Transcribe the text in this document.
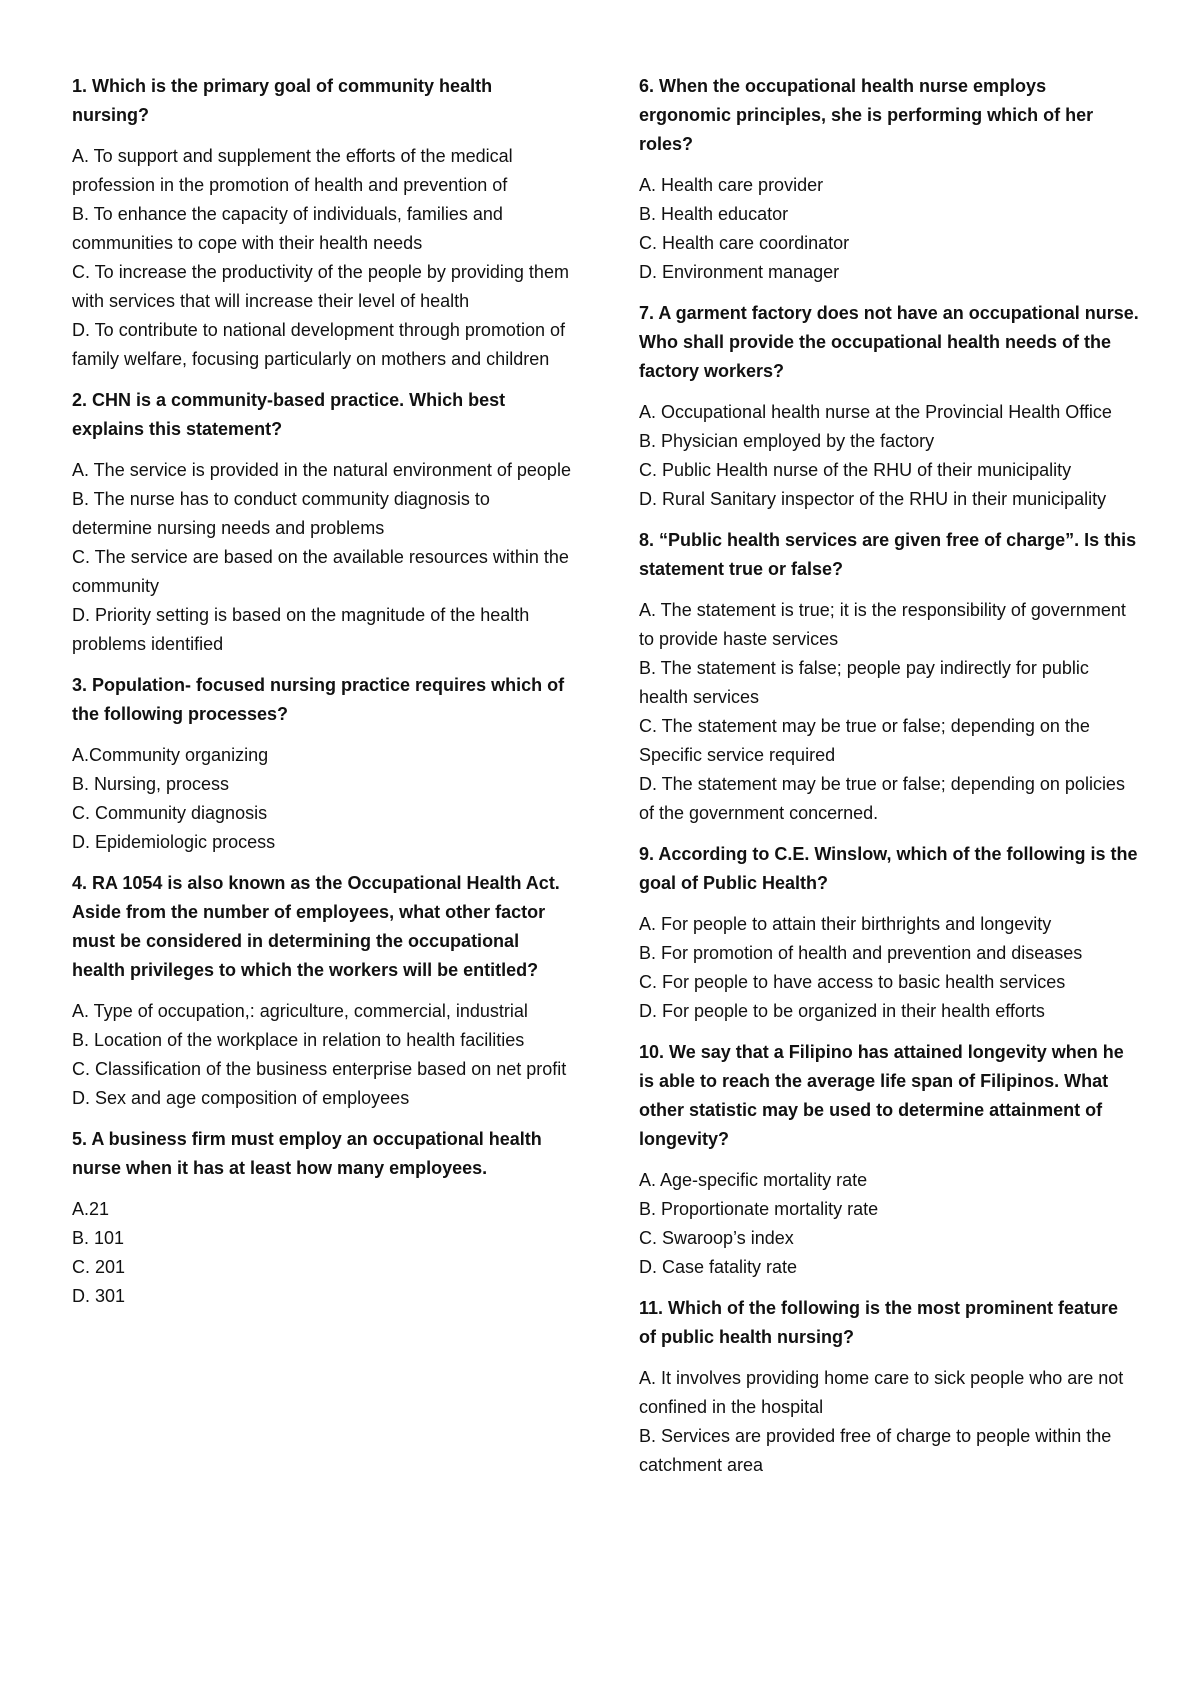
1. Which is the primary goal of community health nursing?

A. To support and supplement the efforts of the medical profession in the promotion of health and prevention of

B. To enhance the capacity of individuals, families and communities to cope with their health needs

C. To increase the productivity of the people by providing them with services that will increase their level of health

D. To contribute to national development through promotion of family welfare, focusing particularly on mothers and children

2. CHN is a community-based practice. Which best explains this statement?

A. The service is provided in the natural environment of people

B. The nurse has to conduct community diagnosis to determine nursing needs and problems

C. The service are based on the available resources within the community

D. Priority setting is based on the magnitude of the health problems identified

3. Population- focused nursing practice requires which of the following processes?

A.Community organizing

B. Nursing, process

C. Community diagnosis

D. Epidemiologic process

4. RA 1054 is also known as the Occupational Health Act. Aside from the number of employees, what other factor must be considered in determining the occupational health privileges to which the workers will be entitled?

A. Type of occupation,: agriculture, commercial, industrial

B. Location of the workplace in relation to health facilities

C. Classification of the business enterprise based on net profit

D. Sex and age composition of employees

5. A business firm must employ an occupational health nurse when it has at least how many employees.

A.21

B. 101

C. 201

D. 301

6. When the occupational health nurse employs ergonomic principles, she is performing which of her roles?

A. Health care provider

B. Health educator

C. Health care coordinator

D. Environment manager

7. A garment factory does not have an occupational nurse. Who shall provide the occupational health needs of the factory workers?

A. Occupational health nurse at the Provincial Health Office

B. Physician employed by the factory

C. Public Health nurse of the RHU of their municipality

D. Rural Sanitary inspector of the RHU in their municipality

8. “Public health services are given free of charge”. Is this statement true or false?

A. The statement is true; it is the responsibility of government to provide haste services

B. The statement is false; people pay indirectly for public health services

C. The statement may be true or false; depending on the Specific service required

D. The statement may be true or false; depending on policies of the government concerned.

9. According to C.E. Winslow, which of the following is the goal of Public Health?

A. For people to attain their birthrights and longevity

B. For promotion of health and prevention and diseases

C. For people to have access to basic health services

D. For people to be organized in their health efforts

10. We say that a Filipino has attained longevity when he is able to reach the average life span of Filipinos. What other statistic may be used to determine attainment of longevity?

A. Age-specific mortality rate

B. Proportionate mortality rate

C. Swaroop’s index

D. Case fatality rate

11. Which of the following is the most prominent feature of public health nursing?

A. It involves providing home care to sick people who are not confined in the hospital

B. Services are provided free of charge to people within the catchment area
